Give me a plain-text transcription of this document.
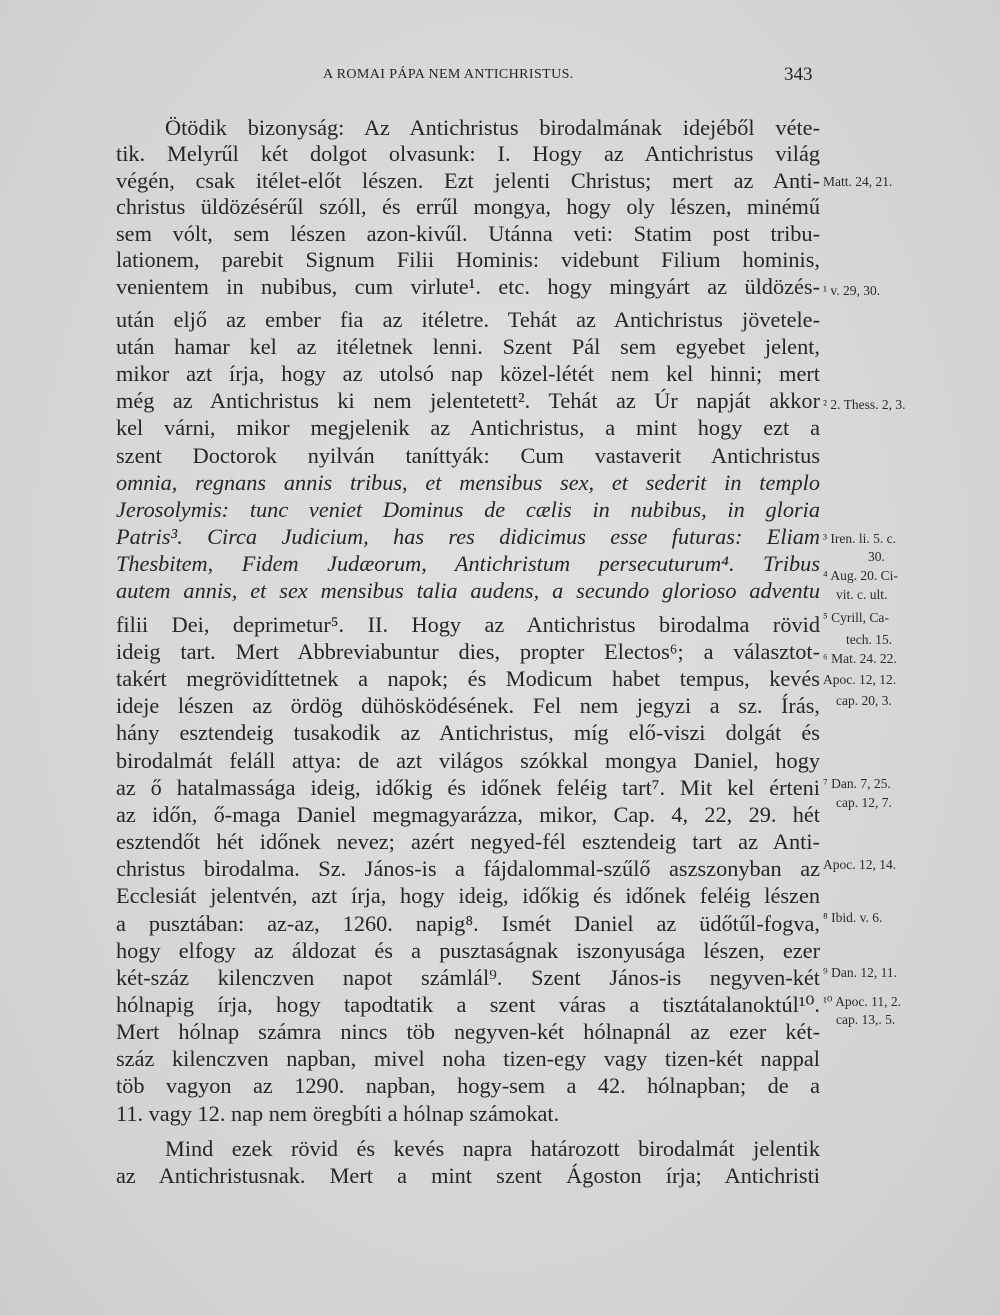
A ROMAI PÁPA NEM ANTICHRISTUS.	343
Ötödik bizonyság: Az Antichristus birodalmának idejéből véte-
tik. Melyrűl két dolgot olvasunk: I. Hogy az Antichristus világ
végén, csak itélet-előt lészen. Ezt jelenti Christus; mert az Anti-
christus üldözésérűl szóll, és errűl mongya, hogy oly lészen, minémű
sem vólt, sem lészen azon-kivűl. Utánna veti: Statim post tribu-
lationem, parebit Signum Filii Hominis: videbunt Filium hominis,
venientem in nubibus, cum virlute¹. etc. hogy mingyárt az üldözés-
után eljő az ember fia az itéletre. Tehát az Antichristus jövetele-
után hamar kel az itéletnek lenni. Szent Pál sem egyebet jelent,
mikor azt írja, hogy az utolsó nap közel-létét nem kel hinni; mert
még az Antichristus ki nem jelentetett². Tehát az Úr napját akkor
kel várni, mikor megjelenik az Antichristus, a mint hogy ezt a
szent Doctorok nyilván taníttyák: Cum vastaverit Antichristus
omnia, regnans annis tribus, et mensibus sex, et sederit in templo
Jerosolymis: tunc veniet Dominus de cælis in nubibus, in gloria
Patris³. Circa Judicium, has res didicimus esse futuras: Eliam
Thesbitem, Fidem Judæorum, Antichristum persecuturum⁴. Tribus
autem annis, et sex mensibus talia audens, a secundo glorioso adventu
filii Dei, deprimetur⁵. II. Hogy az Antichristus birodalma rövid
ideig tart. Mert Abbreviabuntur dies, propter Electos⁶; a választot-
takért megrövidíttetnek a napok; és Modicum habet tempus, kevés
ideje lészen az ördög dühösködésének. Fel nem jegyzi a sz. Írás,
hány esztendeig tusakodik az Antichristus, míg elő-viszi dolgát és
birodalmát feláll attya: de azt világos szókkal mongya Daniel, hogy
az ő hatalmassága ideig, időkig és időnek feléig tart⁷. Mit kel érteni
az időn, ő-maga Daniel megmagyarázza, mikor, Cap. 4, 22, 29. hét
esztendőt hét időnek nevez; azért negyed-fél esztendeig tart az Anti-
christus birodalma. Sz. János-is a fájdalommal-szűlő aszszonyban az
Ecclesiát jelentvén, azt írja, hogy ideig, időkig és időnek feléig lészen
a pusztában: az-az, 1260. napig⁸. Ismét Daniel az üdőtűl-fogva,
hogy elfogy az áldozat és a pusztaságnak iszonyusága lészen, ezer
két-száz kilenczven napot számlál⁹. Szent János-is negyven-két
hólnapig írja, hogy tapodtatik a szent váras a tisztátalanoktúl¹⁰.
Mert hólnap számra nincs töb negyven-két hólnapnál az ezer két-
száz kilenczven napban, mivel noha tizen-egy vagy tizen-két nappal
töb vagyon az 1290. napban, hogy-sem a 42. hólnapban; de a
11. vagy 12. nap nem öregbíti a hólnap számokat.
Mind ezek rövid és kevés napra határozott birodalmát jelentik
az Antichristusnak. Mert a mint szent Ágoston írja; Antichristi
Matt. 24, 21.
¹ v. 29, 30.
² 2. Thess. 2, 3.
³ Iren. li. 5. c.
30.
⁴ Aug. 20. Ci-
vit. c. ult.
⁵ Cyrill, Ca-
tech. 15.
⁶ Mat. 24. 22.
Apoc. 12, 12.
cap. 20, 3.
⁷ Dan. 7, 25.
cap. 12, 7.
Apoc. 12, 14.
⁸ Ibid. v. 6.
⁹ Dan. 12, 11.
¹⁰ Apoc. 11, 2.
cap. 13,. 5.
